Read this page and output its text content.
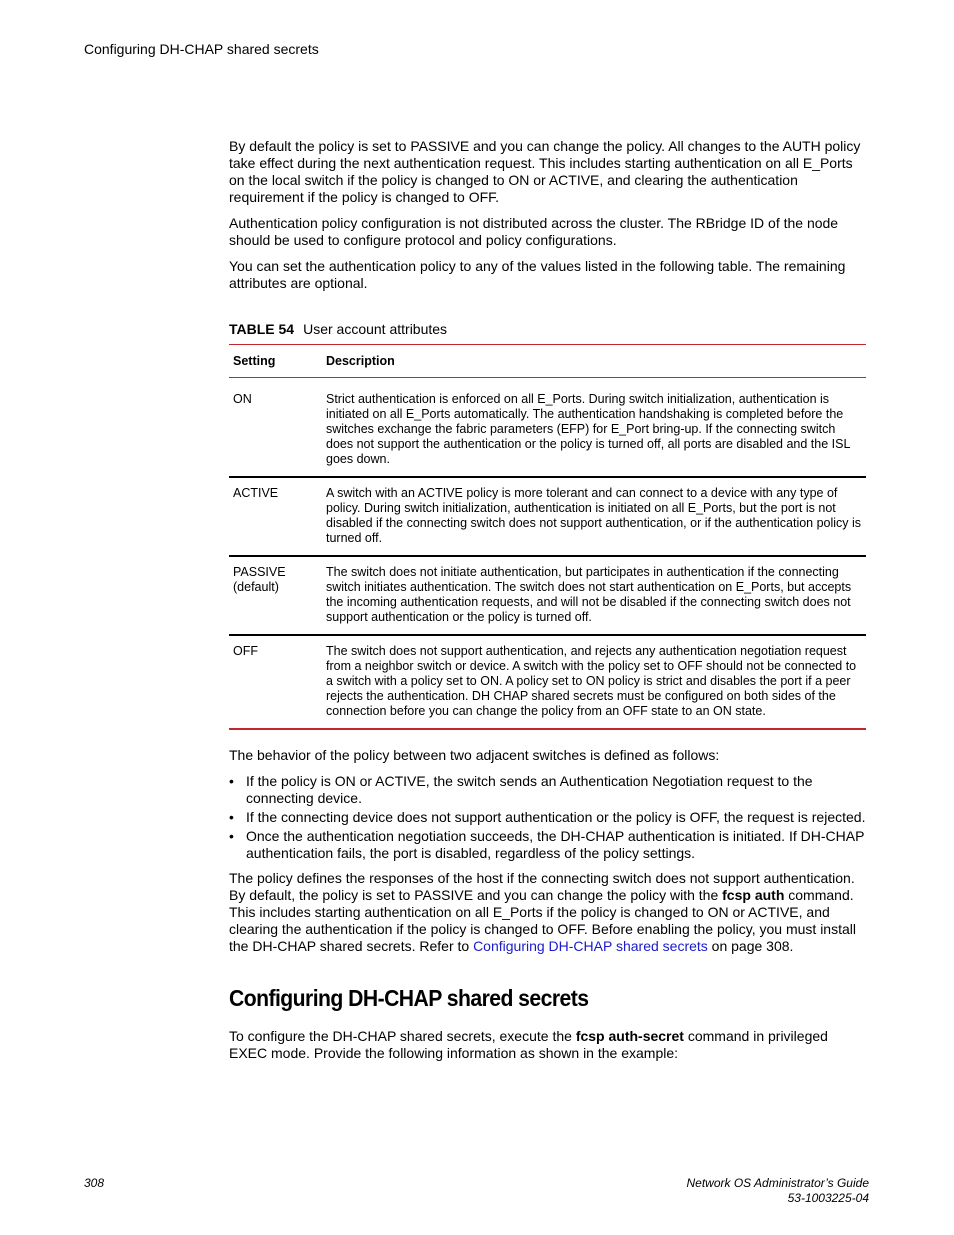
Configuring DH-CHAP shared secrets

By default the policy is set to PASSIVE and you can change the policy. All changes to the AUTH policy take effect during the next authentication request. This includes starting authentication on all E_Ports on the local switch if the policy is changed to ON or ACTIVE, and clearing the authentication requirement if the policy is changed to OFF.

Authentication policy configuration is not distributed across the cluster. The RBridge ID of the node should be used to configure protocol and policy configurations.

You can set the authentication policy to any of the values listed in the following table. The remaining attributes are optional.

TABLE 54 User account attributes
Setting	Description

ON	Strict authentication is enforced on all E_Ports. During switch initialization, authentication is initiated on all E_Ports automatically. The authentication handshaking is completed before the switches exchange the fabric parameters (EFP) for E_Port bring-up. If the connecting switch does not support the authentication or the policy is turned off, all ports are disabled and the ISL goes down.
ACTIVE	A switch with an ACTIVE policy is more tolerant and can connect to a device with any type of policy. During switch initialization, authentication is initiated on all E_Ports, but the port is not disabled if the connecting switch does not support authentication, or if the authentication policy is turned off.
PASSIVE (default)	The switch does not initiate authentication, but participates in authentication if the connecting switch initiates authentication. The switch does not start authentication on E_Ports, but accepts the incoming authentication requests, and will not be disabled if the connecting switch does not support authentication or the policy is turned off.
OFF	The switch does not support authentication, and rejects any authentication negotiation request from a neighbor switch or device. A switch with the policy set to OFF should not be connected to a switch with a policy set to ON. A policy set to ON policy is strict and disables the port if a peer rejects the authentication. DH CHAP shared secrets must be configured on both sides of the connection before you can change the policy from an OFF state to an ON state.

The behavior of the policy between two adjacent switches is defined as follows:

• If the policy is ON or ACTIVE, the switch sends an Authentication Negotiation request to the connecting device.
• If the connecting device does not support authentication or the policy is OFF, the request is rejected.
• Once the authentication negotiation succeeds, the DH-CHAP authentication is initiated. If DH-CHAP authentication fails, the port is disabled, regardless of the policy settings.

The policy defines the responses of the host if the connecting switch does not support authentication. By default, the policy is set to PASSIVE and you can change the policy with the fcsp auth command. This includes starting authentication on all E_Ports if the policy is changed to ON or ACTIVE, and clearing the authentication if the policy is changed to OFF. Before enabling the policy, you must install the DH-CHAP shared secrets. Refer to Configuring DH-CHAP shared secrets on page 308.

Configuring DH-CHAP shared secrets

To configure the DH-CHAP shared secrets, execute the fcsp auth-secret command in privileged EXEC mode. Provide the following information as shown in the example:

308	Network OS Administrator’s Guide
53-1003225-04
